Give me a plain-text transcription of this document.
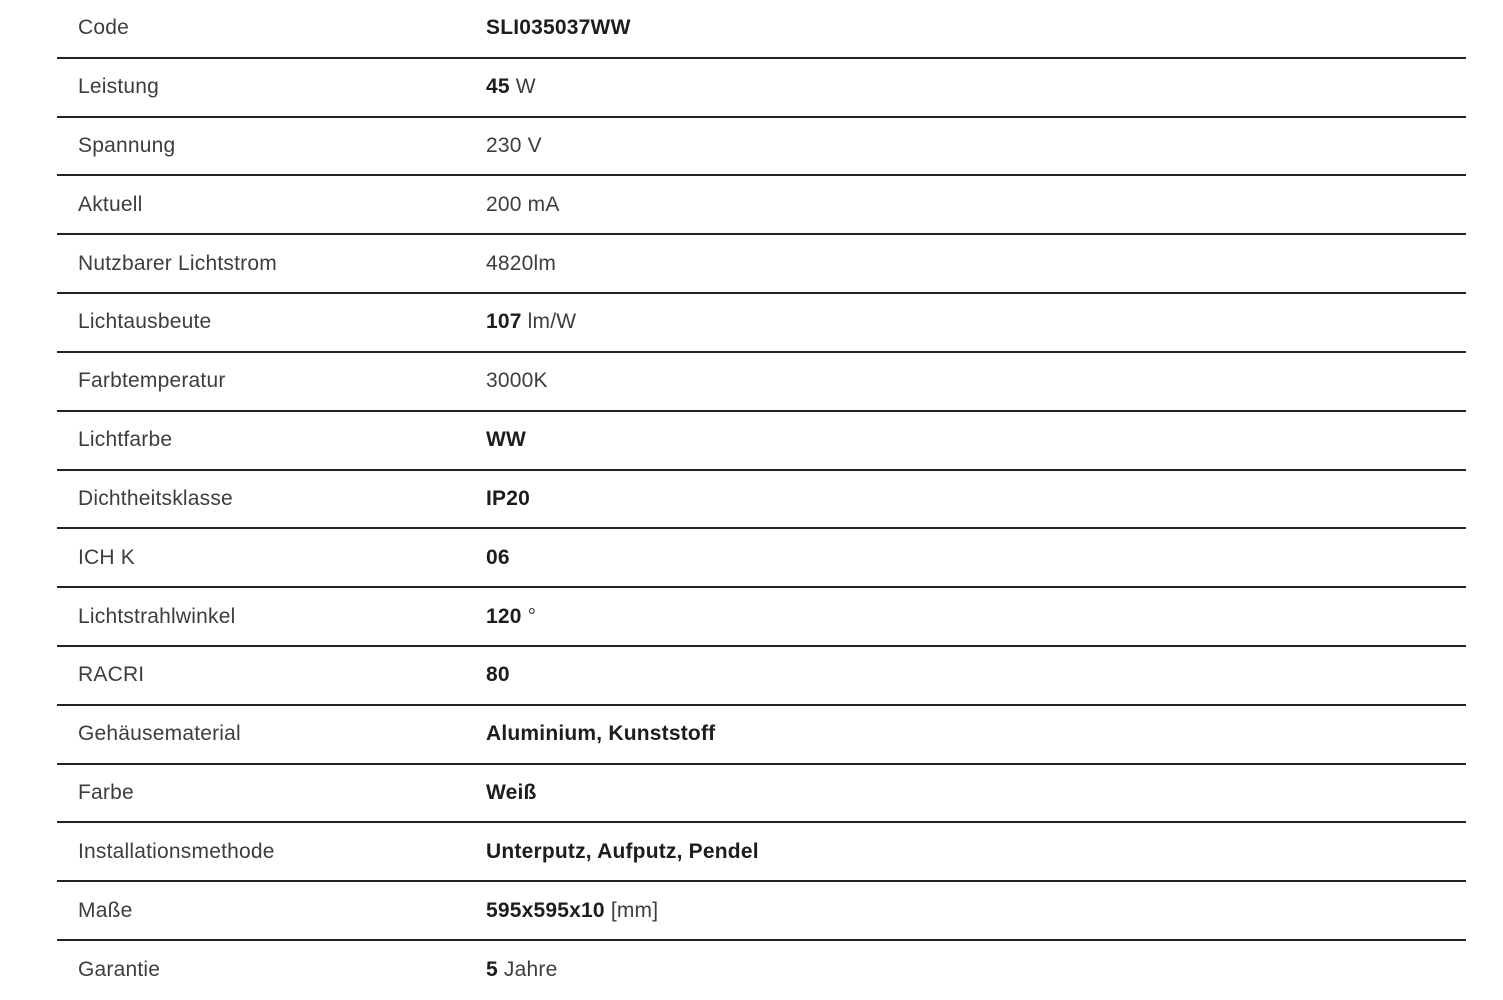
Code	SLI035037WW
Leistung	45 W
Spannung	230 V
Aktuell	200 mA
Nutzbarer Lichtstrom	4820lm
Lichtausbeute	107 lm/W
Farbtemperatur	3000K
Lichtfarbe	WW
Dichtheitsklasse	IP20
ICH K	06
Lichtstrahlwinkel	120 °
RACRI	80
Gehäusematerial	Aluminium, Kunststoff
Farbe	Weiß
Installationsmethode	Unterputz, Aufputz, Pendel
Maße	595x595x10 [mm]
Garantie	5 Jahre
